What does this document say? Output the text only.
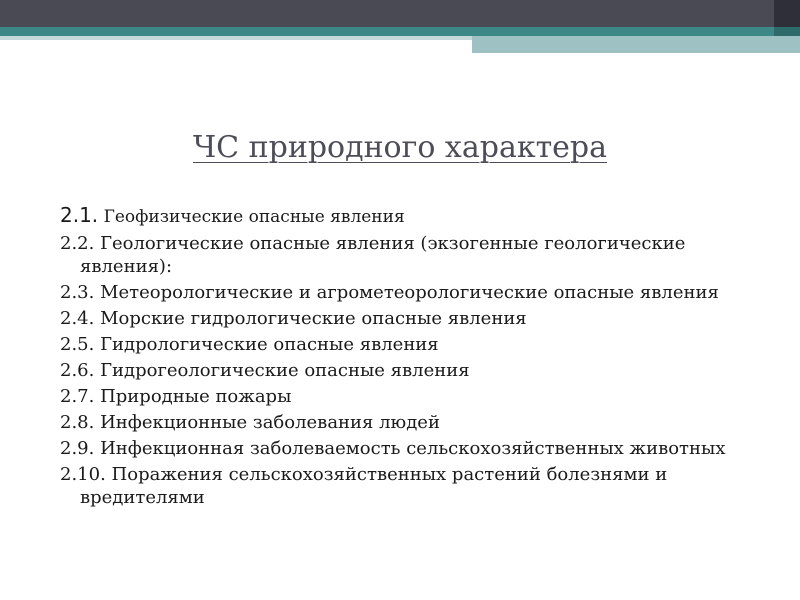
ЧС природного характера
2.1. Геофизические опасные явления
2.2. Геологические опасные явления (экзогенные геологические явления):
2.3. Метеорологические и агрометеорологические опасные явления
2.4. Морские гидрологические опасные явления
2.5. Гидрологические опасные явления
2.6. Гидрогеологические опасные явления
2.7. Природные пожары
2.8. Инфекционные заболевания людей
2.9. Инфекционная заболеваемость сельскохозяйственных животных
2.10. Поражения сельскохозяйственных растений болезнями и вредителями
